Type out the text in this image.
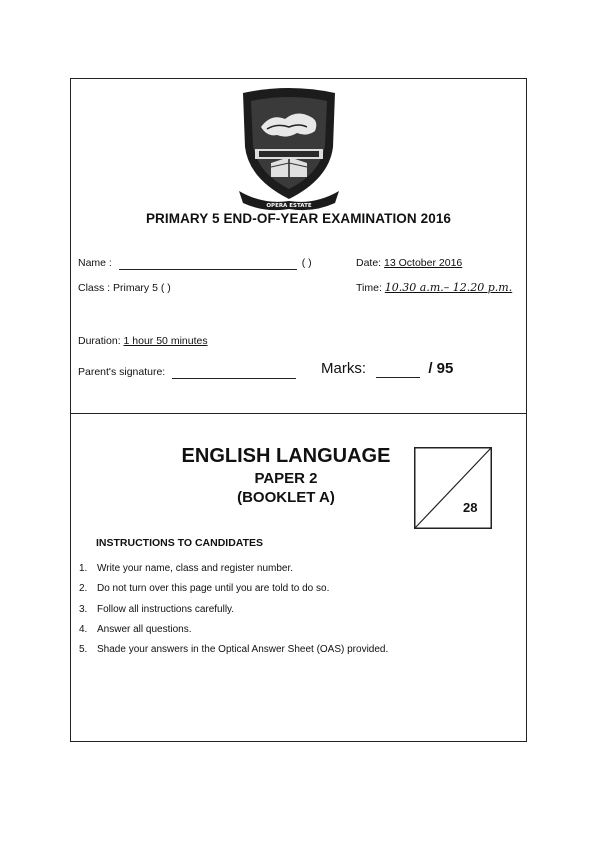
OPERA ESTATE
PRIMARY 5 END-OF-YEAR EXAMINATION 2016
Name :	( )	Date: 13 October 2016
Class : Primary 5 ( )	Time: 10.30 a.m.– 12.20 p.m.
Duration: 1 hour 50 minutes
Parent's signature:	Marks:	/ 95
ENGLISH LANGUAGE
PAPER 2
(BOOKLET A)
28
INSTRUCTIONS TO CANDIDATES
1. Write your name, class and register number.
2. Do not turn over this page until you are told to do so.
3. Follow all instructions carefully.
4. Answer all questions.
5. Shade your answers in the Optical Answer Sheet (OAS) provided.
